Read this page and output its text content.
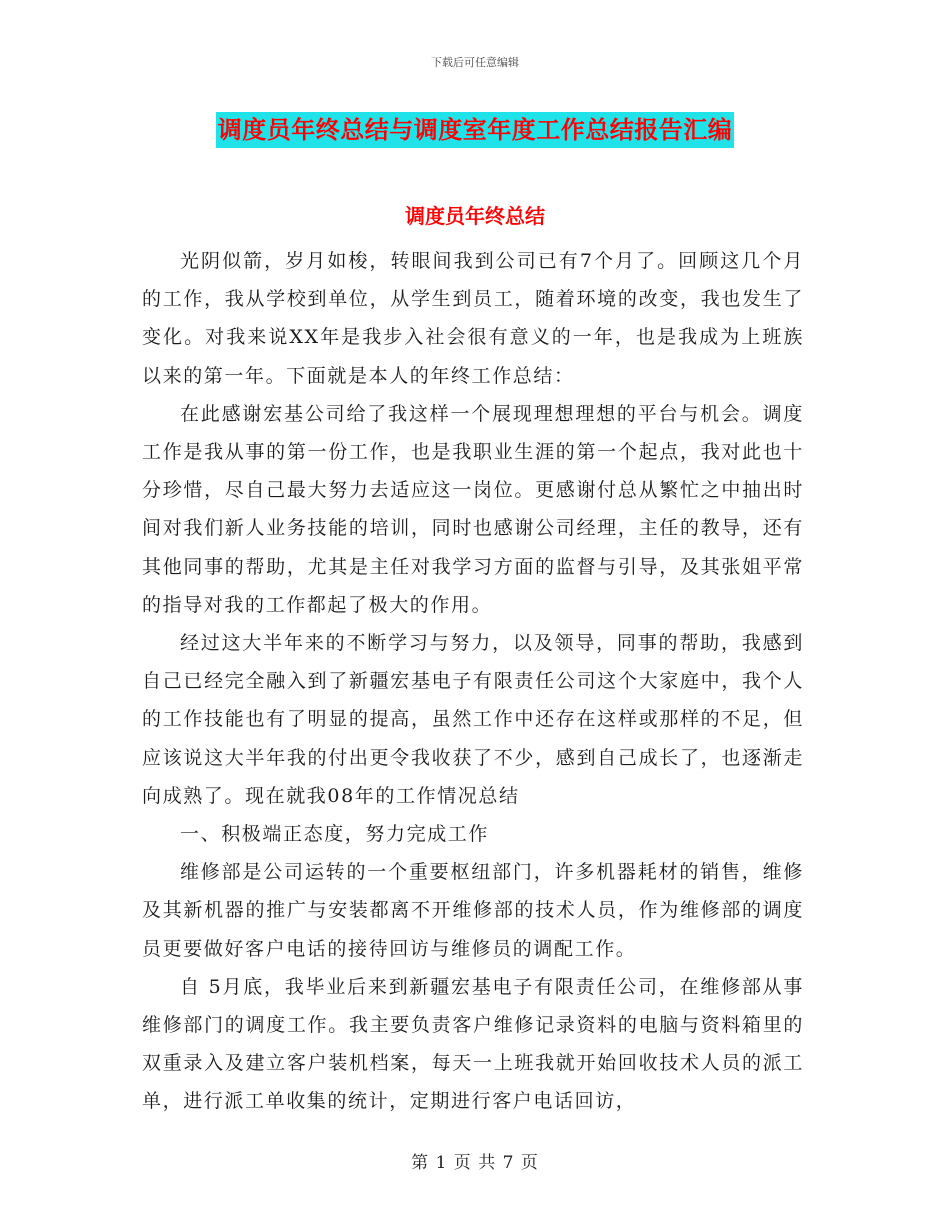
下载后可任意编辑
调度员年终总结与调度室年度工作总结报告汇编
调度员年终总结

光阴似箭，岁月如梭，转眼间我到公司已有7个月了。回顾这几个月的工作，我从学校到单位，从学生到员工，随着环境的改变，我也发生了变化。对我来说XX年是我步入社会很有意义的一年，也是我成为上班族以来的第一年。下面就是本人的年终工作总结：

在此感谢宏基公司给了我这样一个展现理想理想的平台与机会。调度工作是我从事的第一份工作，也是我职业生涯的第一个起点，我对此也十分珍惜，尽自己最大努力去适应这一岗位。更感谢付总从繁忙之中抽出时间对我们新人业务技能的培训，同时也感谢公司经理，主任的教导，还有其他同事的帮助，尤其是主任对我学习方面的监督与引导，及其张姐平常的指导对我的工作都起了极大的作用。

经过这大半年来的不断学习与努力，以及领导，同事的帮助，我感到自己已经完全融入到了新疆宏基电子有限责任公司这个大家庭中，我个人的工作技能也有了明显的提高，虽然工作中还存在这样或那样的不足，但应该说这大半年我的付出更令我收获了不少，感到自己成长了，也逐渐走向成熟了。现在就我08年的工作情况总结

一、积极端正态度，努力完成工作

维修部是公司运转的一个重要枢纽部门，许多机器耗材的销售，维修及其新机器的推广与安装都离不开维修部的技术人员，作为维修部的调度员更要做好客户电话的接待回访与维修员的调配工作。

自 5月底，我毕业后来到新疆宏基电子有限责任公司，在维修部从事维修部门的调度工作。我主要负责客户维修记录资料的电脑与资料箱里的双重录入及建立客户装机档案，每天一上班我就开始回收技术人员的派工单，进行派工单收集的统计，定期进行客户电话回访，

第 1 页 共 7 页
